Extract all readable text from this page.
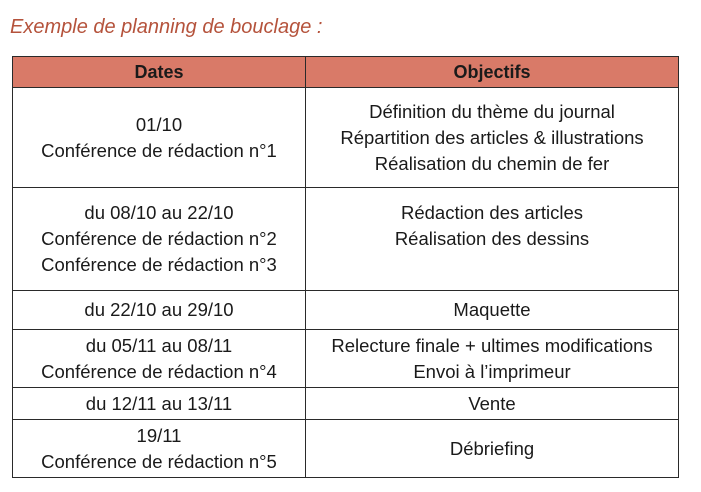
Exemple de planning de bouclage :
Dates	Objectifs

01/10
Conférence de rédaction n°1	Définition du thème du journal
Répartition des articles & illustrations
Réalisation du chemin de fer

du 08/10 au 22/10
Conférence de rédaction n°2
Conférence de rédaction n°3	Rédaction des articles
Réalisation des dessins

du 22/10 au 29/10	Maquette

du 05/11 au 08/11
Conférence de rédaction n°4	Relecture finale + ultimes modifications
Envoi à l’imprimeur

du 12/11 au 13/11	Vente

19/11
Conférence de rédaction n°5	Débriefing
